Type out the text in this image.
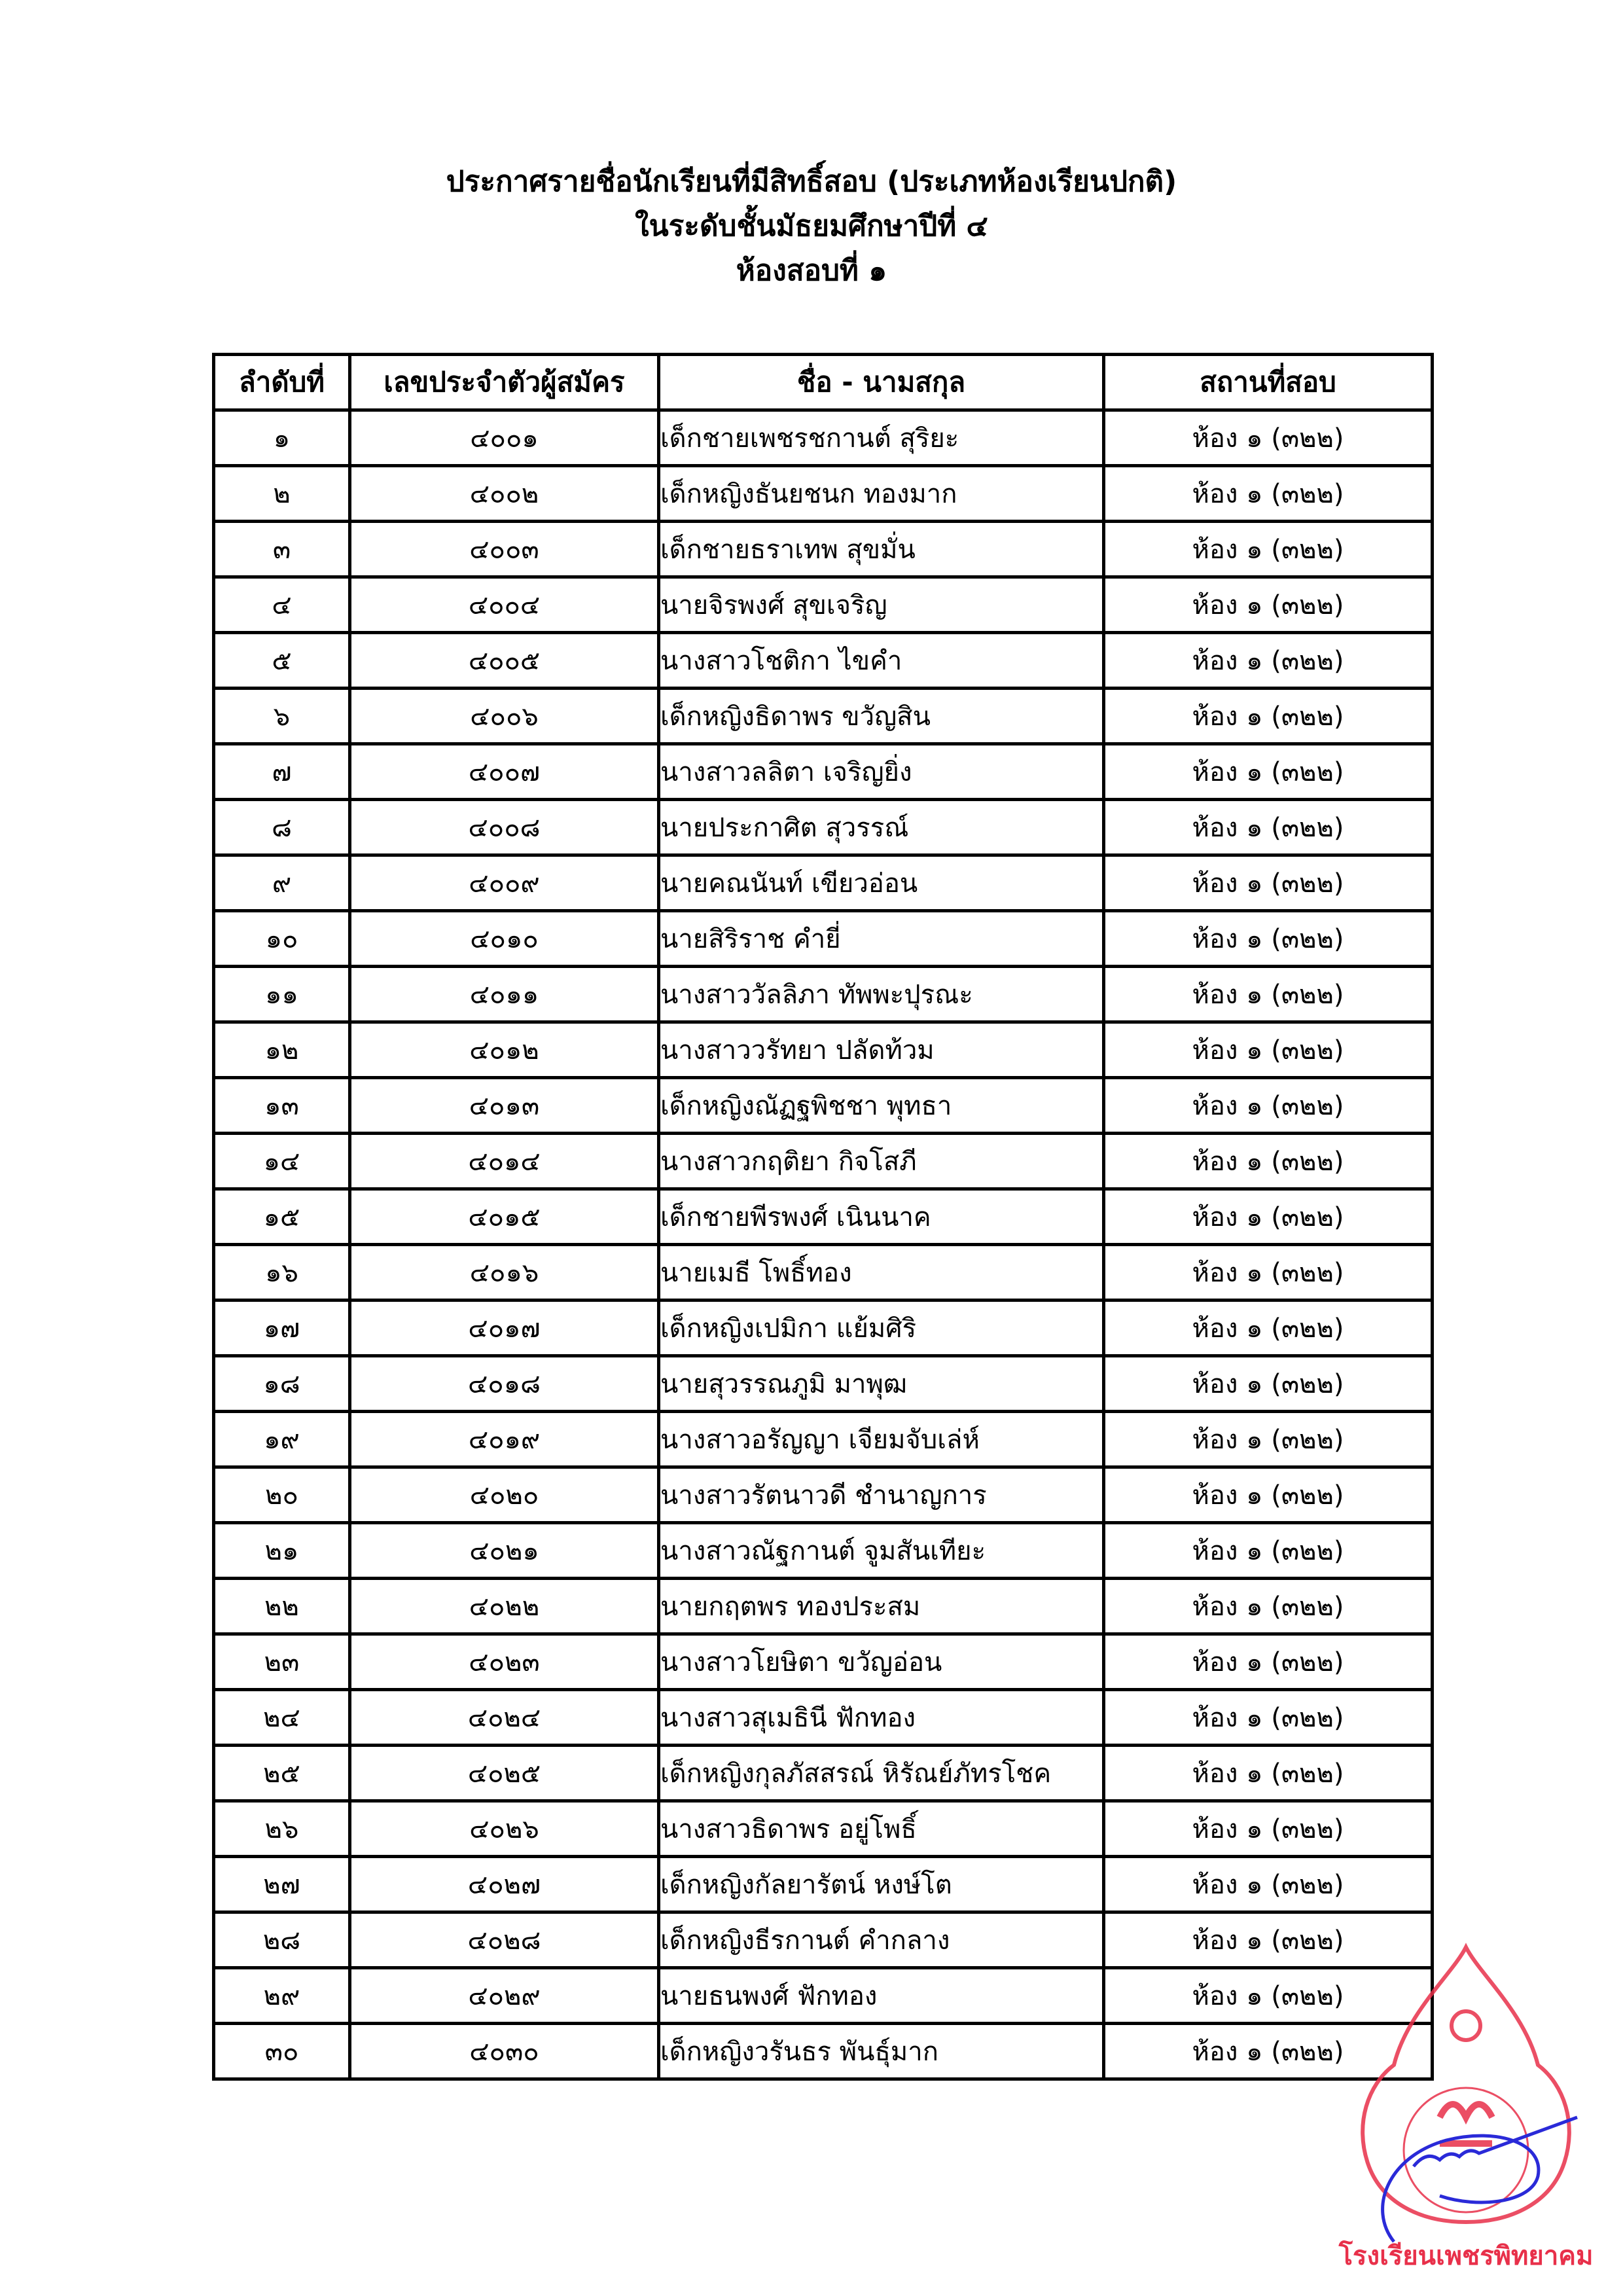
ประกาศรายชื่อนักเรียนที่มีสิทธิ์สอบ (ประเภทห้องเรียนปกติ)
ในระดับชั้นมัธยมศึกษาปีที่ ๔
ห้องสอบที่ ๑
ลำดับที่	เลขประจำตัวผู้สมัคร	ชื่อ - นามสกุล	สถานที่สอบ
๑	๔๐๐๑	เด็กชายเพชรชกานต์ สุริยะ	ห้อง ๑ (๓๒๒)
๒	๔๐๐๒	เด็กหญิงธันยชนก ทองมาก	ห้อง ๑ (๓๒๒)
๓	๔๐๐๓	เด็กชายธราเทพ สุขมั่น	ห้อง ๑ (๓๒๒)
๔	๔๐๐๔	นายจิรพงศ์ สุขเจริญ	ห้อง ๑ (๓๒๒)
๕	๔๐๐๕	นางสาวโชติกา ไขคำ	ห้อง ๑ (๓๒๒)
๖	๔๐๐๖	เด็กหญิงธิดาพร ขวัญสิน	ห้อง ๑ (๓๒๒)
๗	๔๐๐๗	นางสาวลลิตา เจริญยิ่ง	ห้อง ๑ (๓๒๒)
๘	๔๐๐๘	นายประกาศิต สุวรรณ์	ห้อง ๑ (๓๒๒)
๙	๔๐๐๙	นายคณนันท์ เขียวอ่อน	ห้อง ๑ (๓๒๒)
๑๐	๔๐๑๐	นายสิริราช คำยี่	ห้อง ๑ (๓๒๒)
๑๑	๔๐๑๑	นางสาววัลลิภา ทัพพะปุรณะ	ห้อง ๑ (๓๒๒)
๑๒	๔๐๑๒	นางสาววรัทยา ปลัดท้วม	ห้อง ๑ (๓๒๒)
๑๓	๔๐๑๓	เด็กหญิงณัฏฐพิชชา พุทธา	ห้อง ๑ (๓๒๒)
๑๔	๔๐๑๔	นางสาวกฤติยา กิจโสภี	ห้อง ๑ (๓๒๒)
๑๕	๔๐๑๕	เด็กชายพีรพงศ์ เนินนาค	ห้อง ๑ (๓๒๒)
๑๖	๔๐๑๖	นายเมธี โพธิ์ทอง	ห้อง ๑ (๓๒๒)
๑๗	๔๐๑๗	เด็กหญิงเปมิกา แย้มศิริ	ห้อง ๑ (๓๒๒)
๑๘	๔๐๑๘	นายสุวรรณภูมิ มาพุฒ	ห้อง ๑ (๓๒๒)
๑๙	๔๐๑๙	นางสาวอรัญญา เจียมจับเล่ห์	ห้อง ๑ (๓๒๒)
๒๐	๔๐๒๐	นางสาวรัตนาวดี ชำนาญการ	ห้อง ๑ (๓๒๒)
๒๑	๔๐๒๑	นางสาวณัฐกานต์ จูมสันเทียะ	ห้อง ๑ (๓๒๒)
๒๒	๔๐๒๒	นายกฤตพร ทองประสม	ห้อง ๑ (๓๒๒)
๒๓	๔๐๒๓	นางสาวโยษิตา ขวัญอ่อน	ห้อง ๑ (๓๒๒)
๒๔	๔๐๒๔	นางสาวสุเมธินี ฟักทอง	ห้อง ๑ (๓๒๒)
๒๕	๔๐๒๕	เด็กหญิงกุลภัสสรณ์ หิรัณย์ภัทรโชค	ห้อง ๑ (๓๒๒)
๒๖	๔๐๒๖	นางสาวธิดาพร อยู่โพธิ์	ห้อง ๑ (๓๒๒)
๒๗	๔๐๒๗	เด็กหญิงกัลยารัตน์ หงษ์โต	ห้อง ๑ (๓๒๒)
๒๘	๔๐๒๘	เด็กหญิงธีรกานต์ คำกลาง	ห้อง ๑ (๓๒๒)
๒๙	๔๐๒๙	นายธนพงศ์ ฟักทอง	ห้อง ๑ (๓๒๒)
๓๐	๔๐๓๐	เด็กหญิงวรันธร พันธุ์มาก	ห้อง ๑ (๓๒๒)
โรงเรียนเพชรพิทยาคม
